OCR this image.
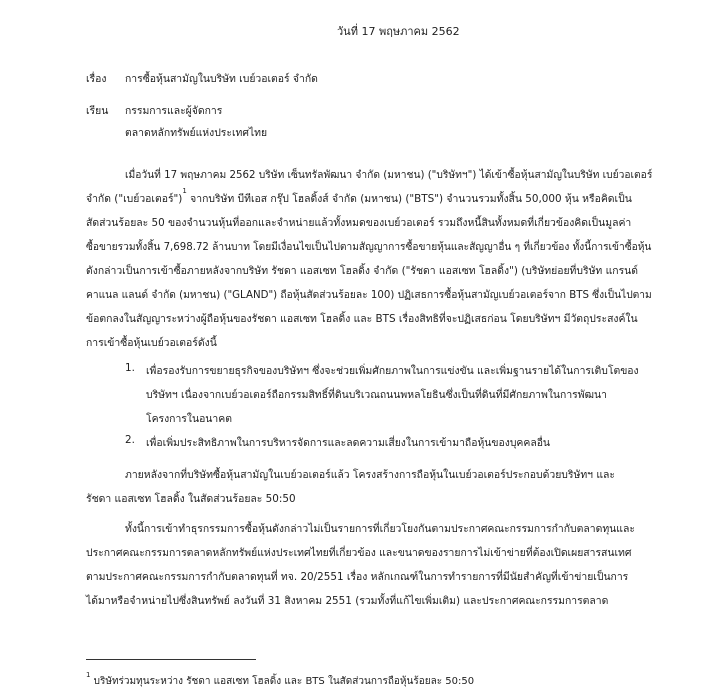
วันที่ 17 พฤษภาคม 2562
เรื่อง การซื้อหุ้นสามัญในบริษัท เบย์วอเตอร์ จำกัด
เรียน กรรมการและผู้จัดการ
ตลาดหลักทรัพย์แห่งประเทศไทย
เมื่อวันที่ 17 พฤษภาคม 2562 บริษัท เซ็นทรัลพัฒนา จำกัด (มหาชน) ("บริษัทฯ") ได้เข้าซื้อหุ้นสามัญในบริษัท เบย์วอเตอร์
จำกัด ("เบย์วอเตอร์")$^1$ จากบริษัท บีทีเอส กรุ๊ป โฮลดิ้งส์ จำกัด (มหาชน) ("BTS") จำนวนรวมทั้งสิ้น 50,000 หุ้น หรือคิดเป็น
สัดส่วนร้อยละ 50 ของจำนวนหุ้นที่ออกและจำหน่ายแล้วทั้งหมดของเบย์วอเตอร์ รวมถึงหนี้สินทั้งหมดที่เกี่ยวข้องคิดเป็นมูลค่า
ซื้อขายรวมทั้งสิ้น 7,698.72 ล้านบาท โดยมีเงื่อนไขเป็นไปตามสัญญาการซื้อขายหุ้นและสัญญาอื่น ๆ ที่เกี่ยวข้อง ทั้งนี้การเข้าซื้อหุ้น
ดังกล่าวเป็นการเข้าซื้อภายหลังจากบริษัท รัชดา แอสเซท โฮลดิ้ง จำกัด ("รัชดา แอสเซท โฮลดิ้ง") (บริษัทย่อยที่บริษัท แกรนด์
คาแนล แลนด์ จำกัด (มหาชน) ("GLAND") ถือหุ้นสัดส่วนร้อยละ 100) ปฏิเสธการซื้อหุ้นสามัญเบย์วอเตอร์จาก BTS ซึ่งเป็นไปตาม
ข้อตกลงในสัญญาระหว่างผู้ถือหุ้นของรัชดา แอสเซท โฮลดิ้ง และ BTS เรื่องสิทธิที่จะปฏิเสธก่อน โดยบริษัทฯ มีวัตถุประสงค์ใน
การเข้าซื้อหุ้นเบย์วอเตอร์ดังนี้
1. เพื่อรองรับการขยายธุรกิจของบริษัทฯ ซึ่งจะช่วยเพิ่มศักยภาพในการแข่งขัน และเพิ่มฐานรายได้ในการเติบโตของ
บริษัทฯ เนื่องจากเบย์วอเตอร์ถือกรรมสิทธิ์ที่ดินบริเวณถนนพหลโยธินซึ่งเป็นที่ดินที่มีศักยภาพในการพัฒนา
โครงการในอนาคต
2. เพื่อเพิ่มประสิทธิภาพในการบริหารจัดการและลดความเสี่ยงในการเข้ามาถือหุ้นของบุคคลอื่น
ภายหลังจากที่บริษัทซื้อหุ้นสามัญในเบย์วอเตอร์แล้ว โครงสร้างการถือหุ้นในเบย์วอเตอร์ประกอบด้วยบริษัทฯ และ
รัชดา แอสเซท โฮลดิ้ง ในสัดส่วนร้อยละ 50:50
ทั้งนี้การเข้าทำธุรกรรมการซื้อหุ้นดังกล่าวไม่เป็นรายการที่เกี่ยวโยงกันตามประกาศคณะกรรมการกำกับตลาดทุนและ
ประกาศคณะกรรมการตลาดหลักทรัพย์แห่งประเทศไทยที่เกี่ยวข้อง และขนาดของรายการไม่เข้าข่ายที่ต้องเปิดเผยสารสนเทศ
ตามประกาศคณะกรรมการกำกับตลาดทุนที่ ทจ. 20/2551 เรื่อง หลักเกณฑ์ในการทำรายการที่มีนัยสำคัญที่เข้าข่ายเป็นการ
ได้มาหรือจำหน่ายไปซึ่งสินทรัพย์ ลงวันที่ 31 สิงหาคม 2551 (รวมทั้งที่แก้ไขเพิ่มเติม) และประกาศคณะกรรมการตลาด
$^1$ บริษัทร่วมทุนระหว่าง รัชดา แอสเซท โฮลดิ้ง และ BTS ในสัดส่วนการถือหุ้นร้อยละ 50:50
